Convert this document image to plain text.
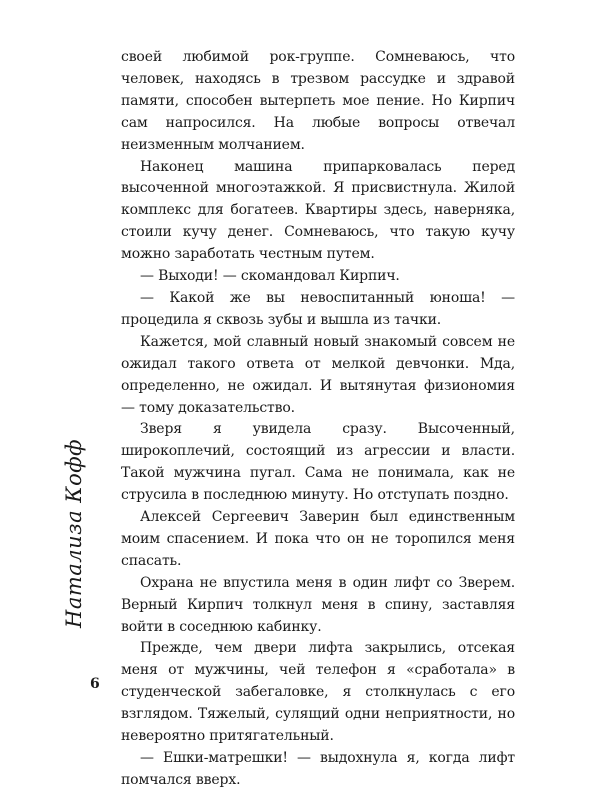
своей любимой рок-группе. Сомневаюсь, что человек, находясь в трезвом рассудке и здравой памяти, способен вытерпеть мое пение. Но Кирпич сам напросился. На любые вопросы отвечал неизменным молчанием.

Наконец машина припарковалась перед высоченной многоэтажкой. Я присвистнула. Жилой комплекс для богатеев. Квартиры здесь, наверняка, стоили кучу денег. Сомневаюсь, что такую кучу можно заработать честным путем.

— Выходи! — скомандовал Кирпич.

— Какой же вы невоспитанный юноша! — процедила я сквозь зубы и вышла из тачки.

Кажется, мой славный новый знакомый совсем не ожидал такого ответа от мелкой девчонки. Мда, определенно, не ожидал. И вытянутая физиономия — тому доказательство.

Зверя я увидела сразу. Высоченный, широкоплечий, состоящий из агрессии и власти. Такой мужчина пугал. Сама не понимала, как не струсила в последнюю минуту. Но отступать поздно.

Алексей Сергеевич Заверин был единственным моим спасением. И пока что он не торопился меня спасать.

Охрана не впустила меня в один лифт со Зверем. Верный Кирпич толкнул меня в спину, заставляя войти в соседнюю кабинку.

Прежде, чем двери лифта закрылись, отсекая меня от мужчины, чей телефон я «сработала» в студенческой забегаловке, я столкнулась с его взглядом. Тяжелый, сулящий одни неприятности, но невероятно притягательный.

— Ешки-матрешки! — выдохнула я, когда лифт помчался вверх.

Натализа Кофф
6
